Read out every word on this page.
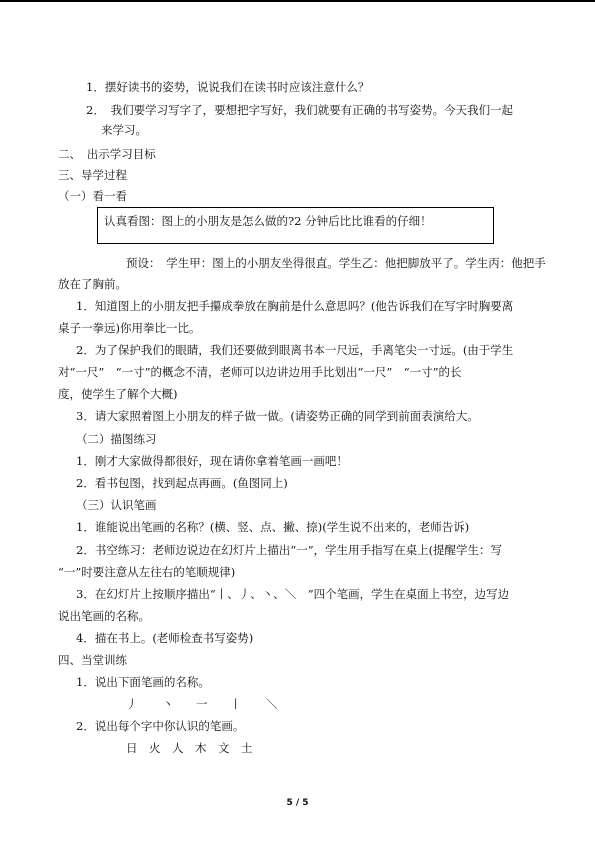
1．摆好读书的姿势，说说我们在读书时应该注意什么？
2．　我们要学习写字了，要想把字写好，我们就要有正确的书写姿势。今天我们一起
来学习。
二、　出示学习目标
三、导学过程
（一）看一看
认真看图：图上的小朋友是怎么做的?2 分钟后比比谁看的仔细！
预设：　学生甲：图上的小朋友坐得很直。学生乙：他把脚放平了。学生丙：他把手
放在了胸前。
1．知道图上的小朋友把手攥成拳放在胸前是什么意思吗？(他告诉我们在写字时胸要离
桌子一拳远)你用拳比一比。
2．为了保护我们的眼睛，我们还要做到眼离书本一尺远，手离笔尖一寸远。(由于学生
对“一尺”　“一寸”的概念不清，老师可以边讲边用手比划出“一尺”　“一寸”的长
度，使学生了解个大概)
3．请大家照着图上小朋友的样子做一做。(请姿势正确的同学到前面表演给大。
（二）描图练习
1．刚才大家做得都很好，现在请你拿着笔画一画吧！
2．看书包图，找到起点再画。(鱼图同上)
（三）认识笔画
1．谁能说出笔画的名称？(横、竖、点、撇、捺)(学生说不出来的，老师告诉)
2．书空练习：老师边说边在幻灯片上描出“一”，学生用手指写在桌上(提醒学生：写
“一”时要注意从左往右的笔顺规律)
3．在幻灯片上按顺序描出“丨、丿、丶、＼　”四个笔画，学生在桌面上书空，边写边
说出笔画的名称。
4．描在书上。(老师检查书写姿势)
四、当堂训练
1．说出下面笔画的名称。
丿 丶 一 丨 ＼
2．说出每个字中你认识的笔画。
日 火 人 木 文 土
5 / 5
